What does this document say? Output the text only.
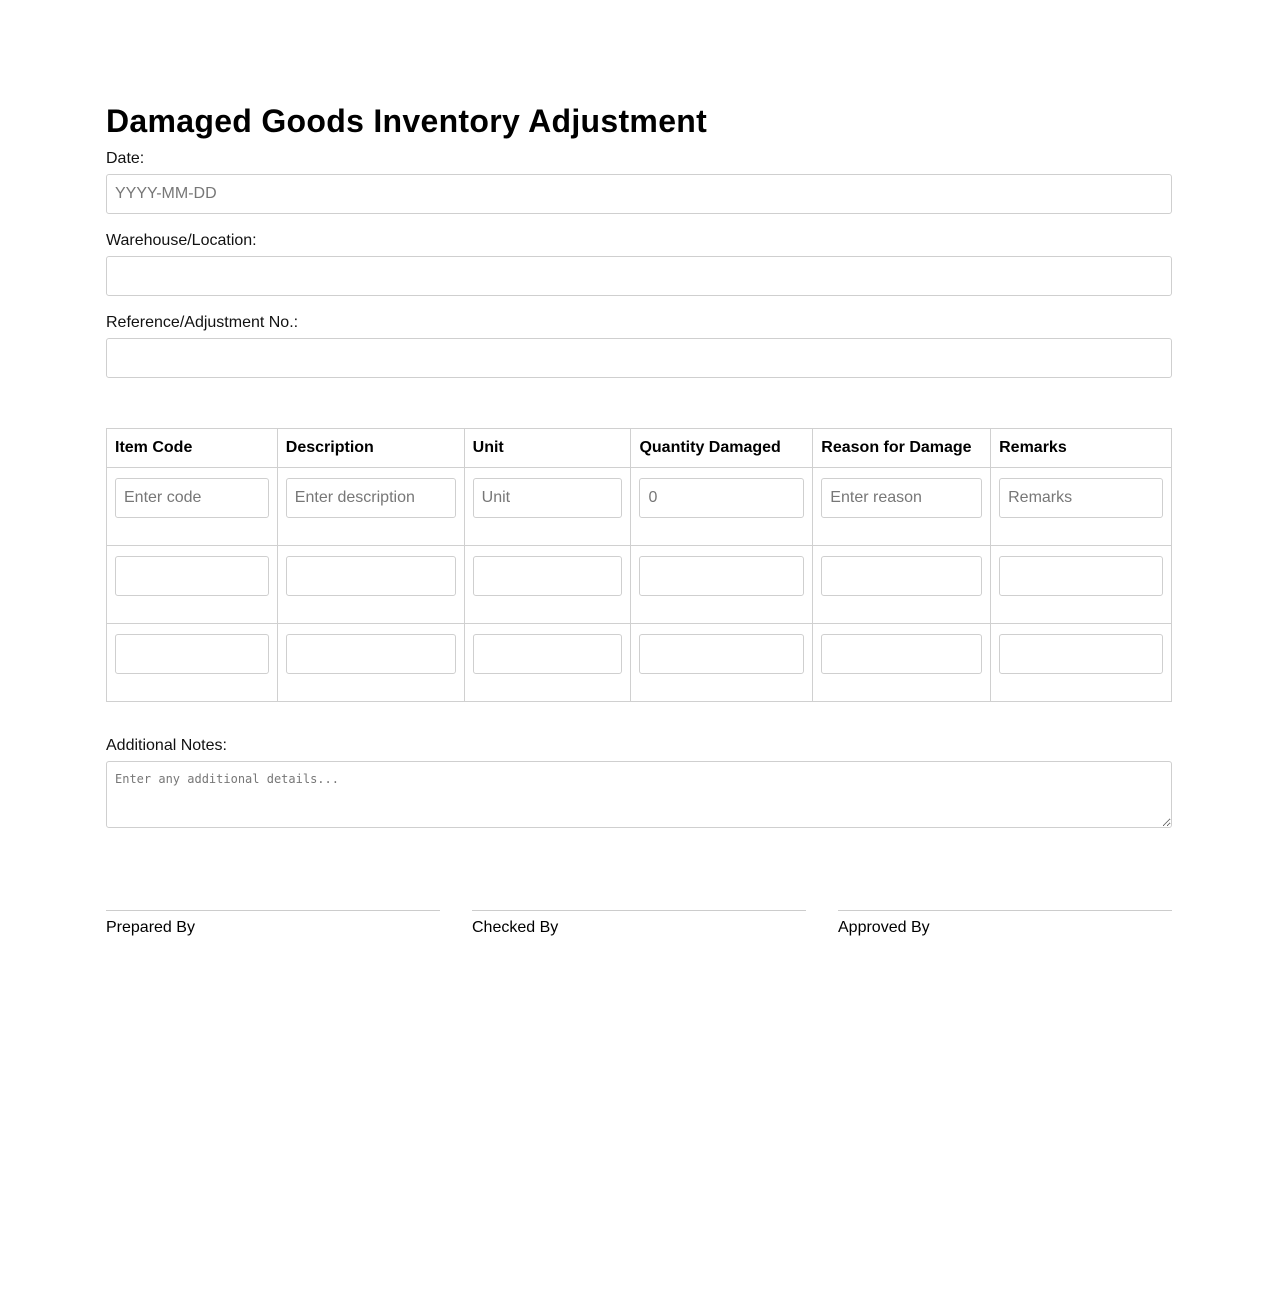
Damaged Goods Inventory Adjustment
Date:
YYYY-MM-DD
Warehouse/Location:
Reference/Adjustment No.:
Item Code	Description	Unit	Quantity Damaged	Reason for Damage	Remarks
Enter code	Enter description	Unit	0	Enter reason	Remarks

Additional Notes:
Enter any additional details...
Prepared By	Checked By	Approved By
